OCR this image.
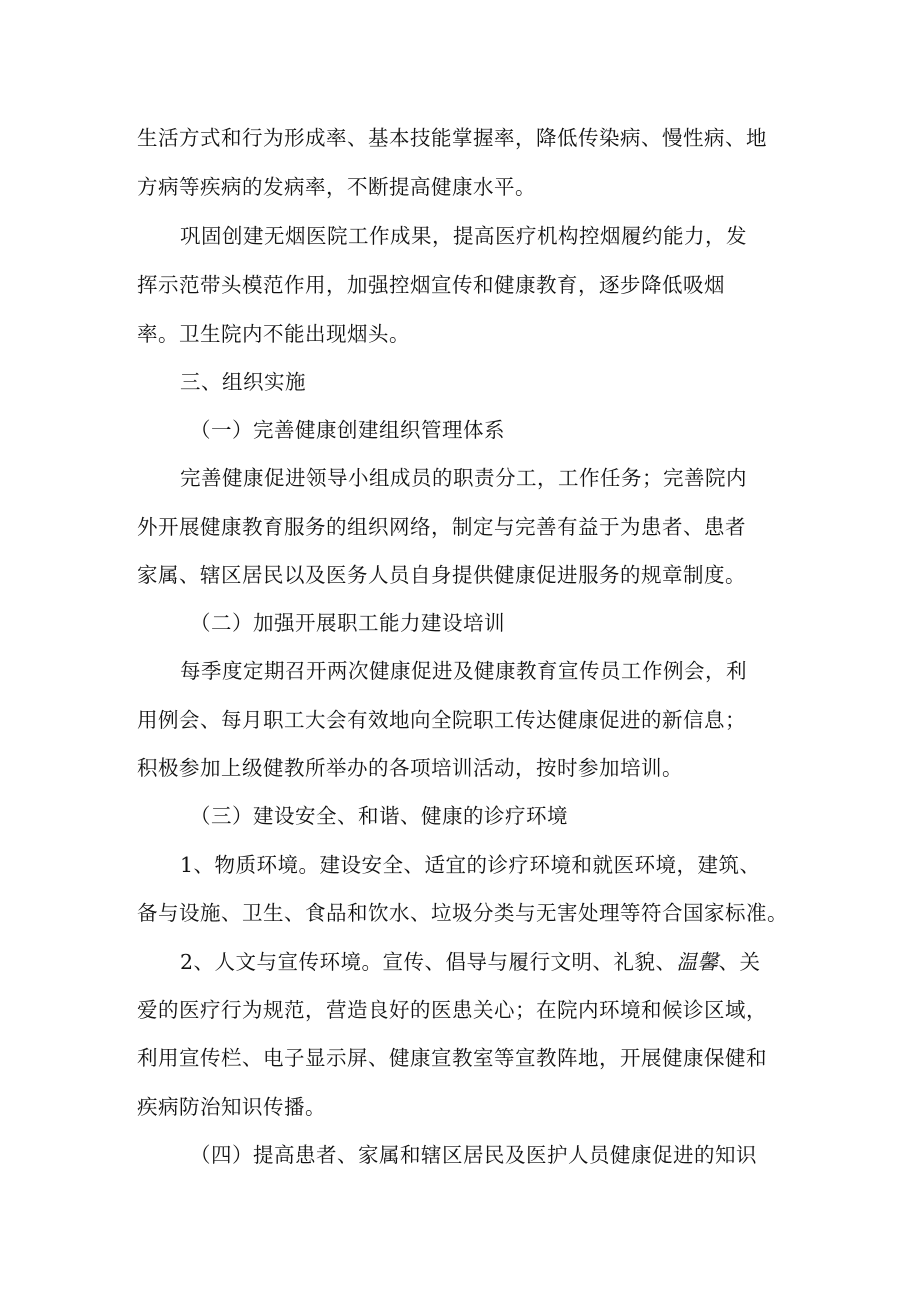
生活方式和行为形成率、基本技能掌握率，降低传染病、慢性病、地
方病等疾病的发病率，不断提高健康水平。
巩固创建无烟医院工作成果，提高医疗机构控烟履约能力，发
挥示范带头模范作用，加强控烟宣传和健康教育，逐步降低吸烟
率。卫生院内不能出现烟头。
三、组织实施
（一）完善健康创建组织管理体系
完善健康促进领导小组成员的职责分工，工作任务；完善院内
外开展健康教育服务的组织网络，制定与完善有益于为患者、患者
家属、辖区居民以及医务人员自身提供健康促进服务的规章制度。
（二）加强开展职工能力建设培训
每季度定期召开两次健康促进及健康教育宣传员工作例会，利
用例会、每月职工大会有效地向全院职工传达健康促进的新信息；
积极参加上级健教所举办的各项培训活动，按时参加培训。
（三）建设安全、和谐、健康的诊疗环境
1、物质环境。建设安全、适宜的诊疗环境和就医环境，建筑、
备与设施、卫生、食品和饮水、垃圾分类与无害处理等符合国家标准。
2、人文与宣传环境。宣传、倡导与履行文明、礼貌、温馨、关
爱的医疗行为规范，营造良好的医患关心；在院内环境和候诊区域，
利用宣传栏、电子显示屏、健康宣教室等宣教阵地，开展健康保健和
疾病防治知识传播。
（四）提高患者、家属和辖区居民及医护人员健康促进的知识
